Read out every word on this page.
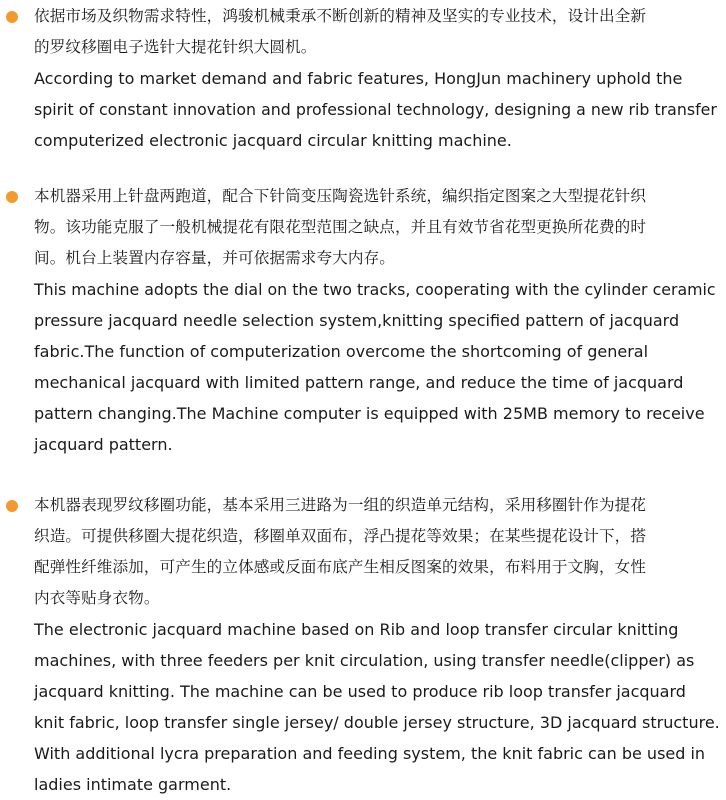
依据市场及织物需求特性，鸿骏机械秉承不断创新的精神及坚实的专业技术，设计出全新
的罗纹移圈电子选针大提花针织大圆机。
According to market demand and fabric features, HongJun machinery uphold the
spirit of constant innovation and professional technology, designing a new rib transfer
computerized electronic jacquard circular knitting machine.
本机器采用上针盘两跑道，配合下针筒变压陶瓷选针系统，编织指定图案之大型提花针织
物。该功能克服了一般机械提花有限花型范围之缺点，并且有效节省花型更换所花费的时
间。机台上装置内存容量，并可依据需求夸大内存。
This machine adopts the dial on the two tracks, cooperating with the cylinder ceramic
pressure jacquard needle selection system,knitting specified pattern of jacquard
fabric.The function of computerization overcome the shortcoming of general
mechanical jacquard with limited pattern range, and reduce the time of jacquard
pattern changing.The Machine computer is equipped with 25MB memory to receive
jacquard pattern.
本机器表现罗纹移圈功能，基本采用三进路为一组的织造单元结构，采用移圈针作为提花
织造。可提供移圈大提花织造，移圈单双面布，浮凸提花等效果；在某些提花设计下，搭
配弹性纤维添加，可产生的立体感或反面布底产生相反图案的效果，布料用于文胸，女性
内衣等贴身衣物。
The electronic jacquard machine based on Rib and loop transfer circular knitting
machines, with three feeders per knit circulation, using transfer needle(clipper) as
jacquard knitting. The machine can be used to produce rib loop transfer jacquard
knit fabric, loop transfer single jersey/ double jersey structure, 3D jacquard structure.
With additional lycra preparation and feeding system, the knit fabric can be used in
ladies intimate garment.
